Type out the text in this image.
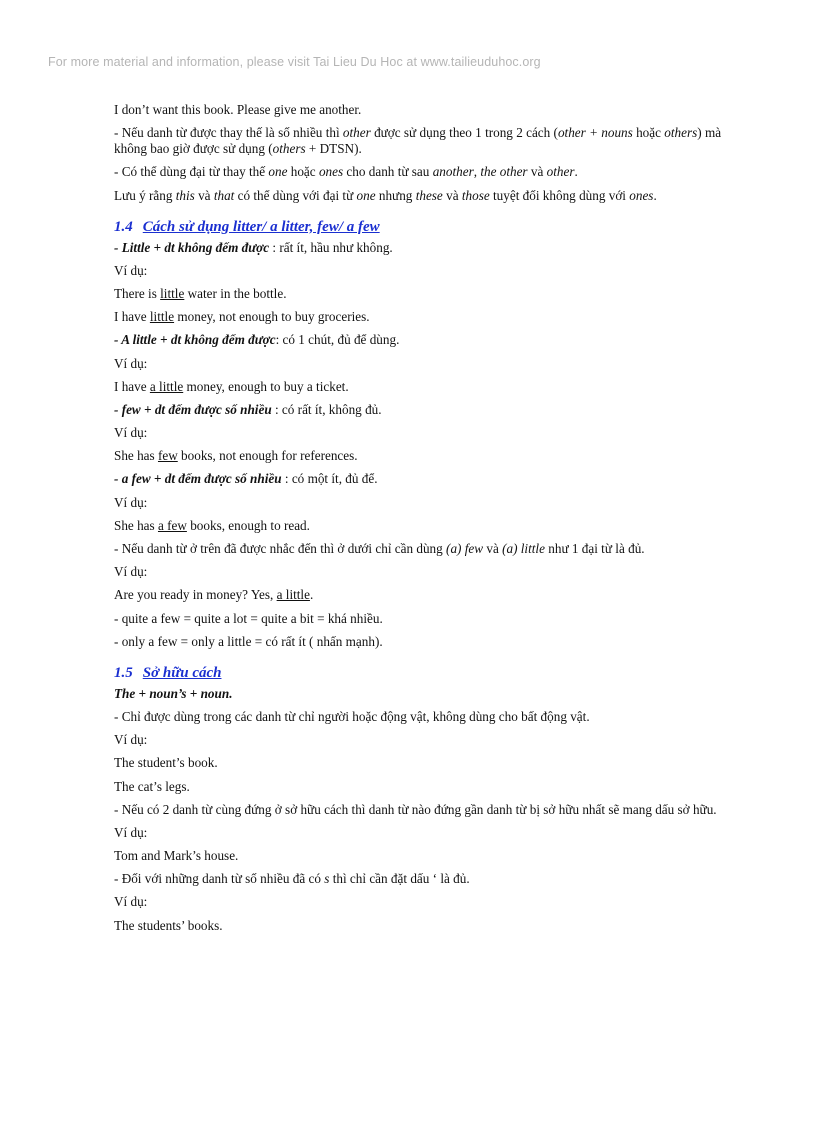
For more material and information, please visit Tai Lieu Du Hoc at www.tailieuduhoc.org

I don’t want this book. Please give me another.

- Nếu danh từ được thay thế là số nhiều thì other được sử dụng theo 1 trong 2 cách (other + nouns hoặc others) mà không bao giờ được sử dụng (others + DTSN).

- Có thể dùng đại từ thay thế one hoặc ones cho danh từ sau another, the other và other.

Lưu ý rằng this và that có thể dùng với đại từ one nhưng these và those tuyệt đối không dùng với ones.

1.4 Cách sử dụng litter/ a litter, few/ a few

- Little + dt không đếm được : rất ít, hầu như không.

Ví dụ:

There is little water in the bottle.

I have little money, not enough to buy groceries.

- A little + dt không đếm được: có 1 chút, đủ để dùng.

Ví dụ:

I have a little money, enough to buy a ticket.

- few + dt đếm được số nhiều : có rất ít, không đủ.

Ví dụ:

She has few books, not enough for references.

- a few + dt đếm được số nhiều : có một ít, đủ để.

Ví dụ:

She has a few books, enough to read.

- Nếu danh từ ở trên đã được nhắc đến thì ở dưới chỉ cần dùng (a) few và (a) little như 1 đại từ là đủ.

Ví dụ:

Are you ready in money? Yes, a little.

- quite a few = quite a lot = quite a bit = khá nhiều.

- only a few = only a little = có rất ít ( nhấn mạnh).

1.5 Sở hữu cách

The + noun’s + noun.

- Chỉ được dùng trong các danh từ chỉ người hoặc động vật, không dùng cho bất động vật.

Ví dụ:

The student’s book.

The cat’s legs.

- Nếu có 2 danh từ cùng đứng ở sở hữu cách thì danh từ nào đứng gần danh từ bị sở hữu nhất sẽ mang dấu sở hữu.

Ví dụ:

Tom and Mark’s house.

- Đối với những danh từ số nhiều đã có s thì chỉ cần đặt dấu ‘ là đủ.

Ví dụ:

The students’ books.
